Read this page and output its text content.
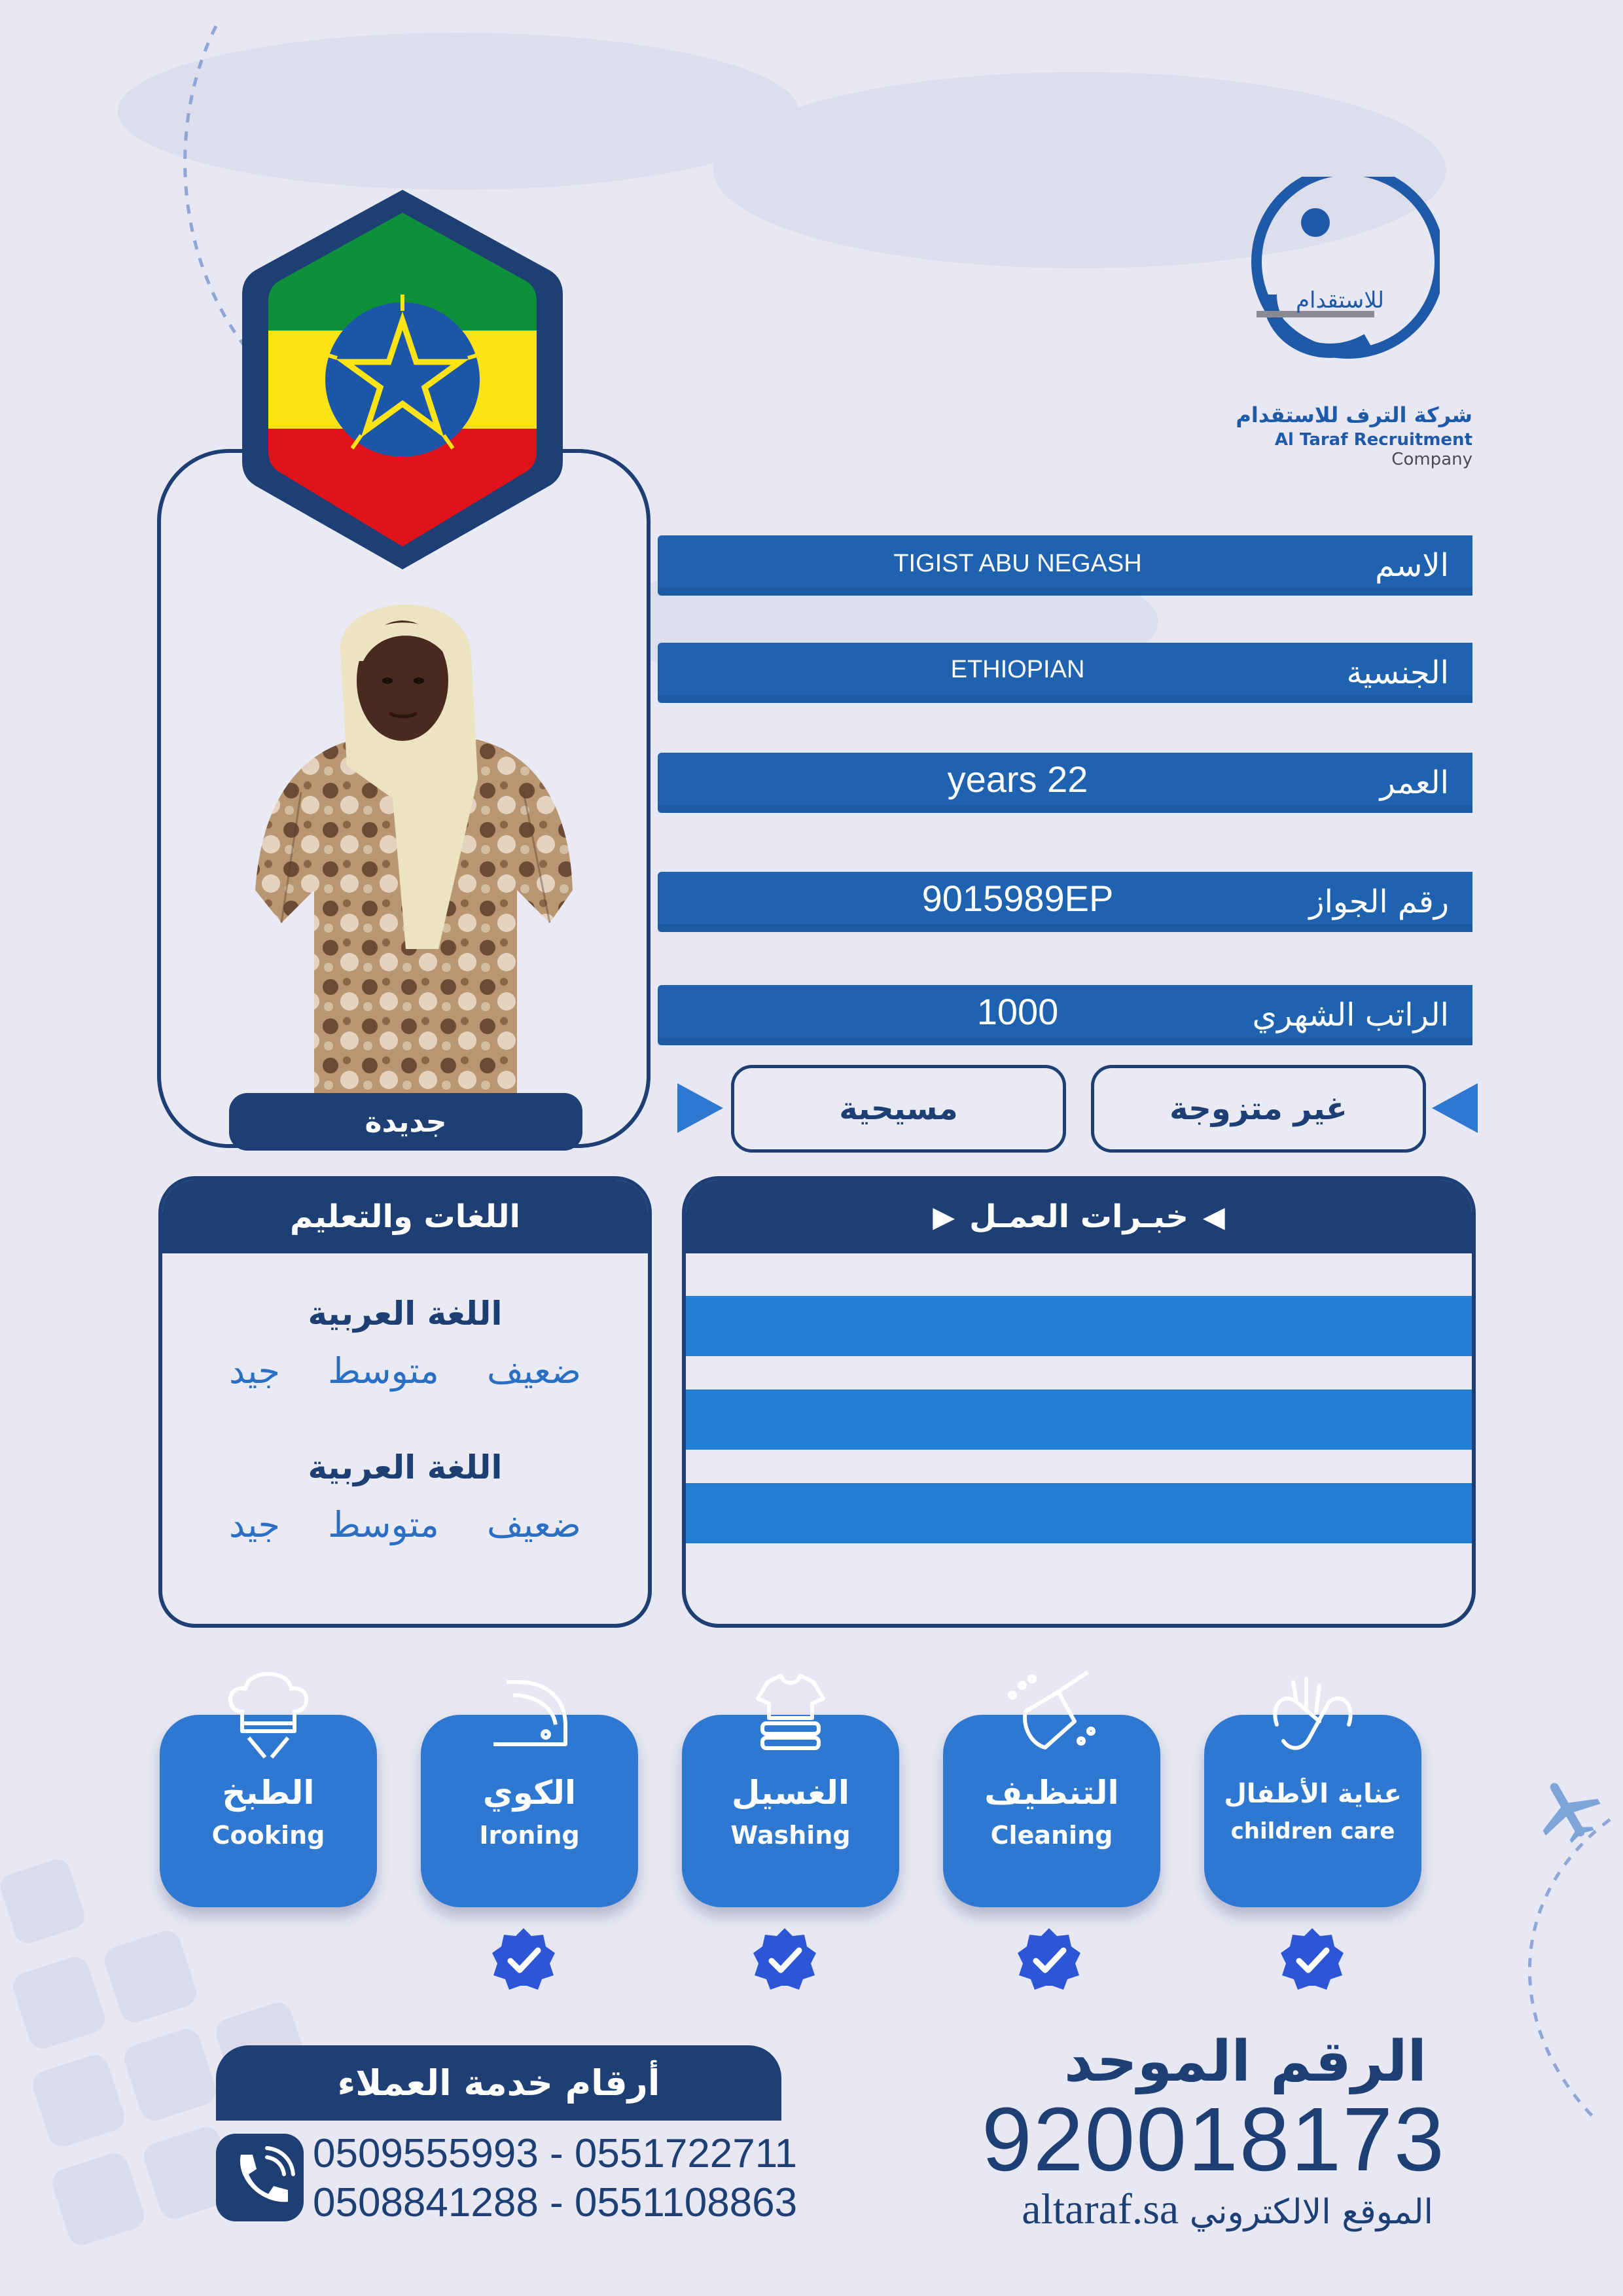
للاستقدام
شركة الترف للاستقدام
Al Taraf Recruitment Company
جديدة
TIGIST ABU NEGASH	الاسم
ETHIOPIAN	الجنسية
years 22	العمر
9015989EP	رقم الجواز
1000	الراتب الشهري
مسيحية	غير متزوجة
▶ خبـرات العمـل ◀
اللغات والتعليم
اللغة العربية
ضعيف متوسط جيد
اللغة العربية
ضعيف متوسط جيد
الطبخ
Cooking
الكوي
Ironing
الغسيل
Washing
التنظيف
Cleaning
عناية الأطفال
children care
أرقام خدمة العملاء
0509555993 - 0551722711
0508841288 - 0551108863
الرقم الموحد
920018173
altaraf.sa الموقع الالكتروني
